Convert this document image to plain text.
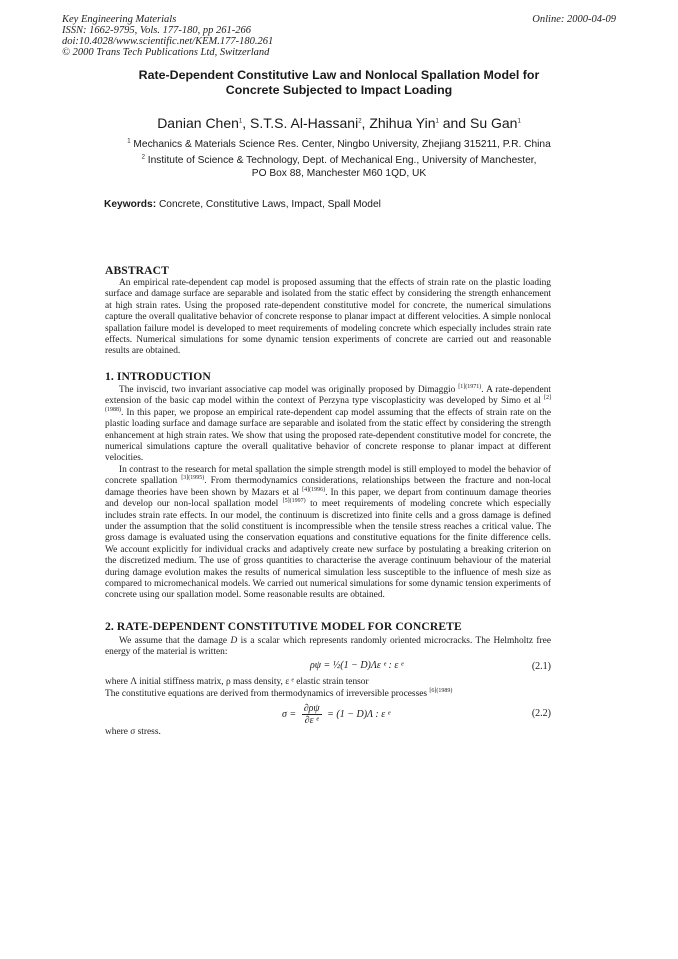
Key Engineering Materials
ISSN: 1662-9795, Vols. 177-180, pp 261-266
doi:10.4028/www.scientific.net/KEM.177-180.261
© 2000 Trans Tech Publications Ltd, Switzerland
Online: 2000-04-09
Rate-Dependent Constitutive Law and Nonlocal Spallation Model for
Concrete Subjected to Impact Loading
Danian Chen$^1$, S.T.S. Al-Hassani$^2$, Zhihua Yin$^1$ and Su Gan$^1$
$^1$ Mechanics & Materials Science Res. Center, Ningbo University, Zhejiang 315211, P.R. China
$^2$ Institute of Science & Technology, Dept. of Mechanical Eng., University of Manchester,
PO Box 88, Manchester M60 1QD, UK
Keywords: Concrete, Constitutive Laws, Impact, Spall Model
ABSTRACT
An empirical rate-dependent cap model is proposed assuming that the effects of strain rate on the plastic loading surface and damage surface are separable and isolated from the static effect by considering the strength enhancement at high strain rates. Using the proposed rate-dependent constitutive model for concrete, the numerical simulations capture the overall qualitative behavior of concrete response to planar impact at different velocities. A simple nonlocal spallation failure model is developed to meet requirements of modeling concrete which especially includes strain rate effects. Numerical simulations for some dynamic tension experiments of concrete are carried out and reasonable results are obtained.
1. INTRODUCTION
The inviscid, two invariant associative cap model was originally proposed by Dimaggio $^{[1](1971)}$. A rate-dependent extension of the basic cap model within the context of Perzyna type viscoplasticity was developed by Simo et al $^{[2](1988)}$. In this paper, we propose an empirical rate-dependent cap model assuming that the effects of strain rate on the plastic loading surface and damage surface are separable and isolated from the static effect by considering the strength enhancement at high strain rates. We show that using the proposed rate-dependent constitutive model for concrete, the numerical simulations capture the overall qualitative behavior of concrete response to planar impact at different velocities.
In contrast to the research for metal spallation the simple strength model is still employed to model the behavior of concrete spallation $^{[3](1995)}$. From thermodynamics considerations, relationships between the fracture and non-local damage theories have been shown by Mazars et al $^{[4](1996)}$. In this paper, we depart from continuum damage theories and develop our non-local spallation model $^{[5](1997)}$ to meet requirements of modeling concrete which especially includes strain rate effects. In our model, the continuum is discretized into finite cells and a gross damage is defined under the assumption that the solid constituent is incompressible when the tensile stress reaches a critical value. The gross damage is evaluated using the conservation equations and constitutive equations for the finite difference cells. We account explicitly for individual cracks and adaptively create new surface by postulating a breaking criterion on the discretized medium. The use of gross quantities to characterise the average continuum behaviour of the material during damage evolution makes the results of numerical simulation less susceptible to the influence of mesh size as compared to micromechanical models. We carried out numerical simulations for some dynamic tension experiments of concrete using our spallation model. Some reasonable results are obtained.
2. RATE-DEPENDENT CONSTITUTIVE MODEL FOR CONCRETE
We assume that the damage D is a scalar which represents randomly oriented microcracks. The Helmholtz free energy of the material is written:
ρψ = ½(1 − D)Λε ᵉ : ε ᵉ	(2.1)
where Λ initial stiffness matrix, ρ mass density, ε ᵉ elastic strain tensor
The constitutive equations are derived from thermodynamics of irreversible processes $^{[6](1989)}$
$\sigma = \frac{\partial\rho\psi}{\text{∂ε ᵉ}} = (1 - D)\Lambda$ : ε ᵉ	(2.2)
where σ stress.
